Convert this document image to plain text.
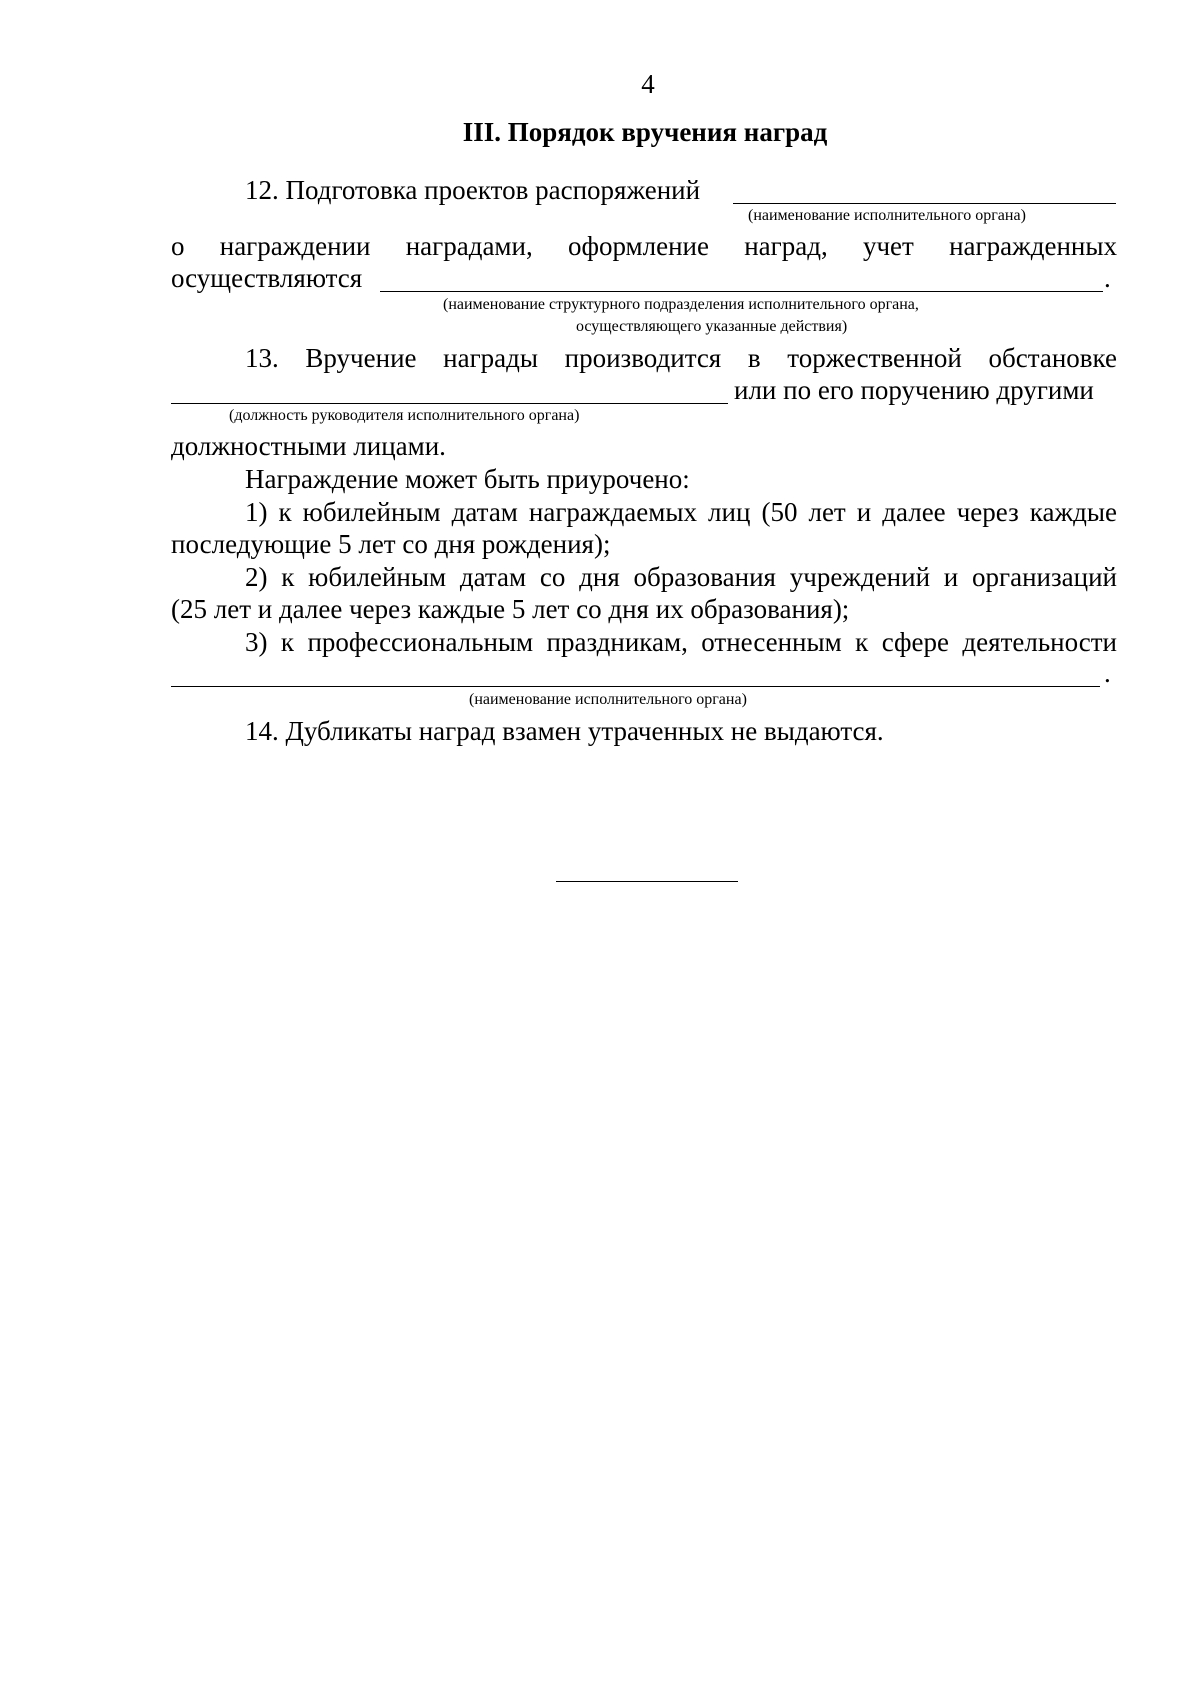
4
III. Порядок вручения наград
12. Подготовка проектов распоряжений
(наименование исполнительного органа)
о награждении наградами, оформление наград, учет награжденных
осуществляются	.
(наименование структурного подразделения исполнительного органа,
осуществляющего указанные действия)
13. Вручение награды производится в торжественной обстановке
или по его поручению другими
(должность руководителя исполнительного органа)
должностными лицами.
Награждение может быть приурочено:
1) к юбилейным датам награждаемых лиц (50 лет и далее через каждые
последующие 5 лет со дня рождения);
2) к юбилейным датам со дня образования учреждений и организаций
(25 лет и далее через каждые 5 лет со дня их образования);
3) к профессиональным праздникам, отнесенным к сфере деятельности
.
(наименование исполнительного органа)
14. Дубликаты наград взамен утраченных не выдаются.
